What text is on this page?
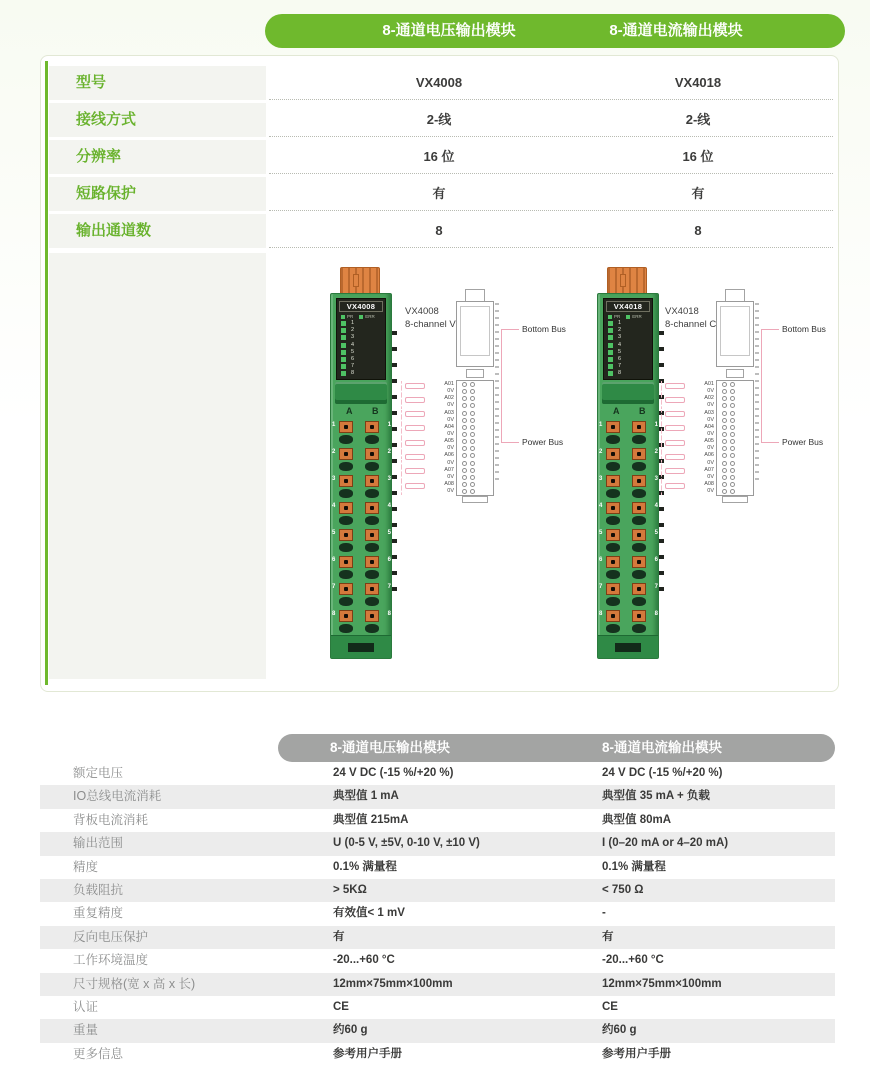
8-通道电压输出模块	8-通道电流输出模块
型号	VX4008	VX4018
接线方式	2-线	2-线
分辨率	16 位	16 位
短路保护	有	有
输出通道数	8	8
VX4008
PR	ERR
1
2
3
4
5
6
7
8
A B
1	1
2	2
3	3
4	4
5	5
6	6
7	7
8	8
VX4008
8-channel V
A01
0V
A02
0V
A03
0V
A04
0V
A05
0V
A06
0V
A07
0V
A08
0V
Bottom Bus
Power Bus
VX4018
PR	ERR
1
2
3
4
5
6
7
8
A B
1	1
2	2
3	3
4	4
5	5
6	6
7	7
8	8
VX4018
8-channel C
A01
0V
A02
0V
A03
0V
A04
0V
A05
0V
A06
0V
A07
0V
A08
0V
Bottom Bus
Power Bus
8-通道电压输出模块	8-通道电流输出模块
额定电压	24 V DC (-15 %/+20 %)	24 V DC (-15 %/+20 %)
IO总线电流消耗	典型值 1 mA	典型值 35 mA + 负载
背板电流消耗	典型值 215mA	典型值 80mA
输出范围	U (0-5 V, ±5V, 0-10 V, ±10 V)	I (0–20 mA or 4–20 mA)
精度	0.1% 满量程	0.1% 满量程
负载阻抗	> 5KΩ	< 750 Ω
重复精度	有效值< 1 mV	-
反向电压保护	有	有
工作环境温度	-20...+60 °C	-20...+60 °C
尺寸规格(宽 x 高 x 长)	12mm×75mm×100mm	12mm×75mm×100mm
认证	CE	CE
重量	约60 g	约60 g
更多信息	参考用户手册	参考用户手册
